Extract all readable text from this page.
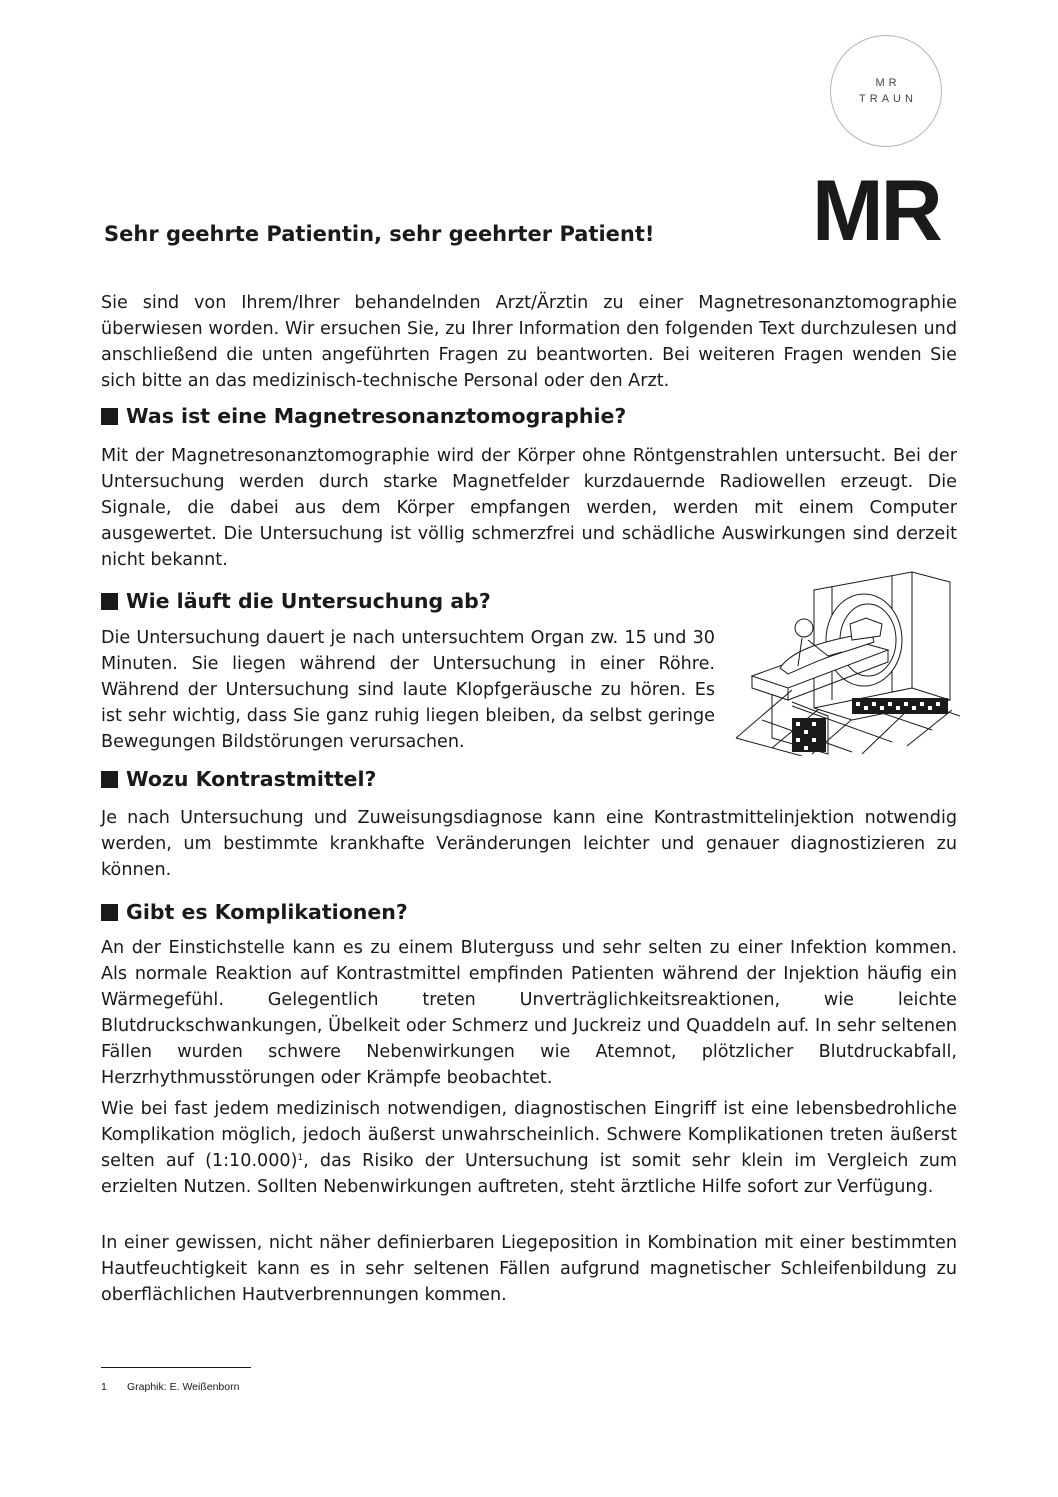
MR
TRAUN
MR
Sehr geehrte Patientin, sehr geehrter Patient!

Sie sind von Ihrem/Ihrer behandelnden Arzt/Ärztin zu einer Magnetresonanztomographie überwiesen worden. Wir ersuchen Sie, zu Ihrer Information den folgenden Text durchzulesen und anschließend die unten angeführten Fragen zu beantworten. Bei weiteren Fragen wenden Sie sich bitte an das medizinisch-technische Personal oder den Arzt.

Was ist eine Magnetresonanztomographie?

Mit der Magnetresonanztomographie wird der Körper ohne Röntgenstrahlen untersucht. Bei der Untersuchung werden durch starke Magnetfelder kurzdauernde Radiowellen erzeugt. Die Signale, die dabei aus dem Körper empfangen werden, werden mit einem Computer ausgewertet. Die Untersuchung ist völlig schmerzfrei und schädliche Auswirkungen sind derzeit nicht bekannt.

Wie läuft die Untersuchung ab?

Die Untersuchung dauert je nach untersuchtem Organ zw. 15 und 30 Minuten. Sie liegen während der Untersuchung in einer Röhre. Während der Untersuchung sind laute Klopfgeräusche zu hören. Es ist sehr wichtig, dass Sie ganz ruhig liegen bleiben, da selbst geringe Bewegungen Bildstörungen verursachen.

Wozu Kontrastmittel?

Je nach Untersuchung und Zuweisungsdiagnose kann eine Kontrastmittelinjektion notwendig werden, um bestimmte krankhafte Veränderungen leichter und genauer diagnostizieren zu können.

Gibt es Komplikationen?

An der Einstichstelle kann es zu einem Bluterguss und sehr selten zu einer Infektion kommen. Als normale Reaktion auf Kontrastmittel empfinden Patienten während der Injektion häufig ein Wärmegefühl. Gelegentlich treten Unverträglichkeitsreaktionen, wie leichte Blutdruckschwankungen, Übelkeit oder Schmerz und Juckreiz und Quaddeln auf. In sehr seltenen Fällen wurden schwere Nebenwirkungen wie Atemnot, plötzlicher Blutdruckabfall, Herzrhythmusstörungen oder Krämpfe beobachtet.

Wie bei fast jedem medizinisch notwendigen, diagnostischen Eingriff ist eine lebensbedrohliche Komplikation möglich, jedoch äußerst unwahrscheinlich. Schwere Komplikationen treten äußerst selten auf (1:10.000)$^1$, das Risiko der Untersuchung ist somit sehr klein im Vergleich zum erzielten Nutzen. Sollten Nebenwirkungen auftreten, steht ärztliche Hilfe sofort zur Verfügung.

In einer gewissen, nicht näher definierbaren Liegeposition in Kombination mit einer bestimmten Hautfeuchtigkeit kann es in sehr seltenen Fällen aufgrund magnetischer Schleifenbildung zu oberflächlichen Hautverbrennungen kommen.

1 Graphik: E. Weißenborn
